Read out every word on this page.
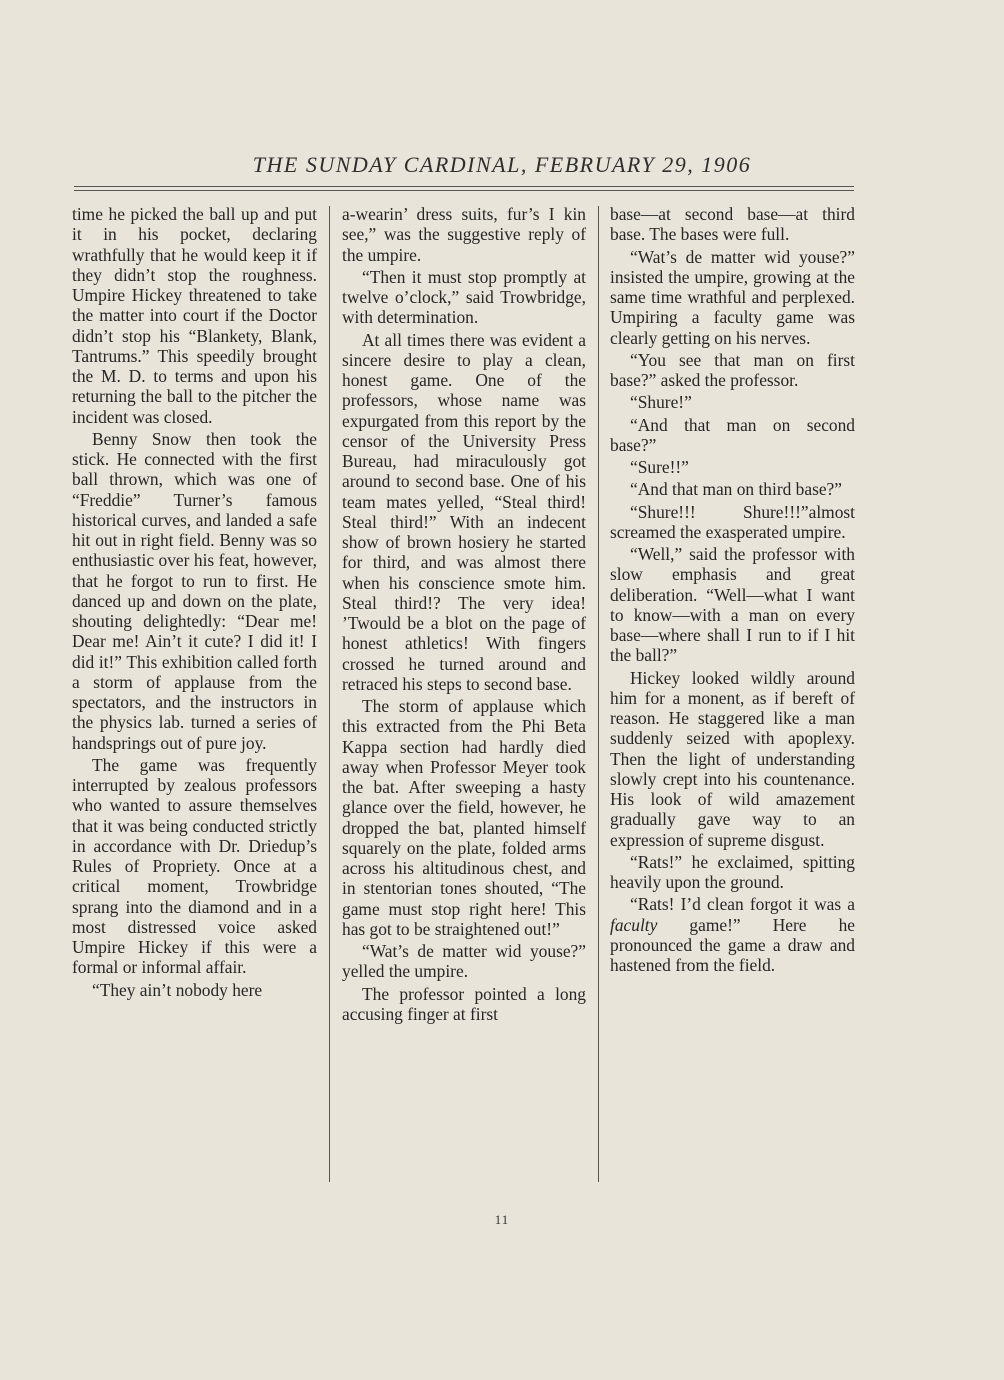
THE SUNDAY CARDINAL, FEBRUARY 29, 1906

time he picked the ball up and put it in his pocket, declaring wrathfully that he would keep it if they didn’t stop the roughness. Umpire Hickey threatened to take the matter into court if the Doctor didn’t stop his “Blankety, Blank, Tantrums.” This speedily brought the M. D. to terms and upon his returning the ball to the pitcher the incident was closed.

Benny Snow then took the stick. He connected with the first ball thrown, which was one of “Freddie” Turner’s famous historical curves, and landed a safe hit out in right field. Benny was so enthusiastic over his feat, however, that he forgot to run to first. He danced up and down on the plate, shouting delightedly: “Dear me! Dear me! Ain’t it cute? I did it! I did it!” This exhibition called forth a storm of applause from the spectators, and the instructors in the physics lab. turned a series of handsprings out of pure joy.

The game was frequently interrupted by zealous professors who wanted to assure themselves that it was being conducted strictly in accordance with Dr. Driedup’s Rules of Propriety. Once at a critical moment, Trowbridge sprang into the diamond and in a most distressed voice asked Umpire Hickey if this were a formal or informal affair.

“They ain’t nobody here

a-wearin’ dress suits, fur’s I kin see,” was the suggestive reply of the umpire.

“Then it must stop promptly at twelve o’clock,” said Trowbridge, with determination.

At all times there was evident a sincere desire to play a clean, honest game. One of the professors, whose name was expurgated from this report by the censor of the University Press Bureau, had miraculously got around to second base. One of his team mates yelled, “Steal third! Steal third!” With an indecent show of brown hosiery he started for third, and was almost there when his conscience smote him. Steal third!? The very idea! ’Twould be a blot on the page of honest athletics! With fingers crossed he turned around and retraced his steps to second base.

The storm of applause which this extracted from the Phi Beta Kappa section had hardly died away when Professor Meyer took the bat. After sweeping a hasty glance over the field, however, he dropped the bat, planted himself squarely on the plate, folded arms across his altitudinous chest, and in stentorian tones shouted, “The game must stop right here! This has got to be straightened out!”

“Wat’s de matter wid youse?” yelled the umpire.

The professor pointed a long accusing finger at first

base—at second base—at third base. The bases were full.

“Wat’s de matter wid youse?” insisted the umpire, growing at the same time wrathful and perplexed. Umpiring a faculty game was clearly getting on his nerves.

“You see that man on first base?” asked the professor.

“Shure!”

“And that man on second base?”

“Sure!!”

“And that man on third base?”

“Shure!!! Shure!!!”almost screamed the exasperated umpire.

“Well,” said the professor with slow emphasis and great deliberation. “Well—what I want to know—with a man on every base—where shall I run to if I hit the ball?”

Hickey looked wildly around him for a monent, as if bereft of reason. He staggered like a man suddenly seized with apoplexy. Then the light of understanding slowly crept into his countenance. His look of wild amazement gradually gave way to an expression of supreme disgust.

“Rats!” he exclaimed, spitting heavily upon the ground.

“Rats! I’d clean forgot it was a faculty game!” Here he pronounced the game a draw and hastened from the field.

11
